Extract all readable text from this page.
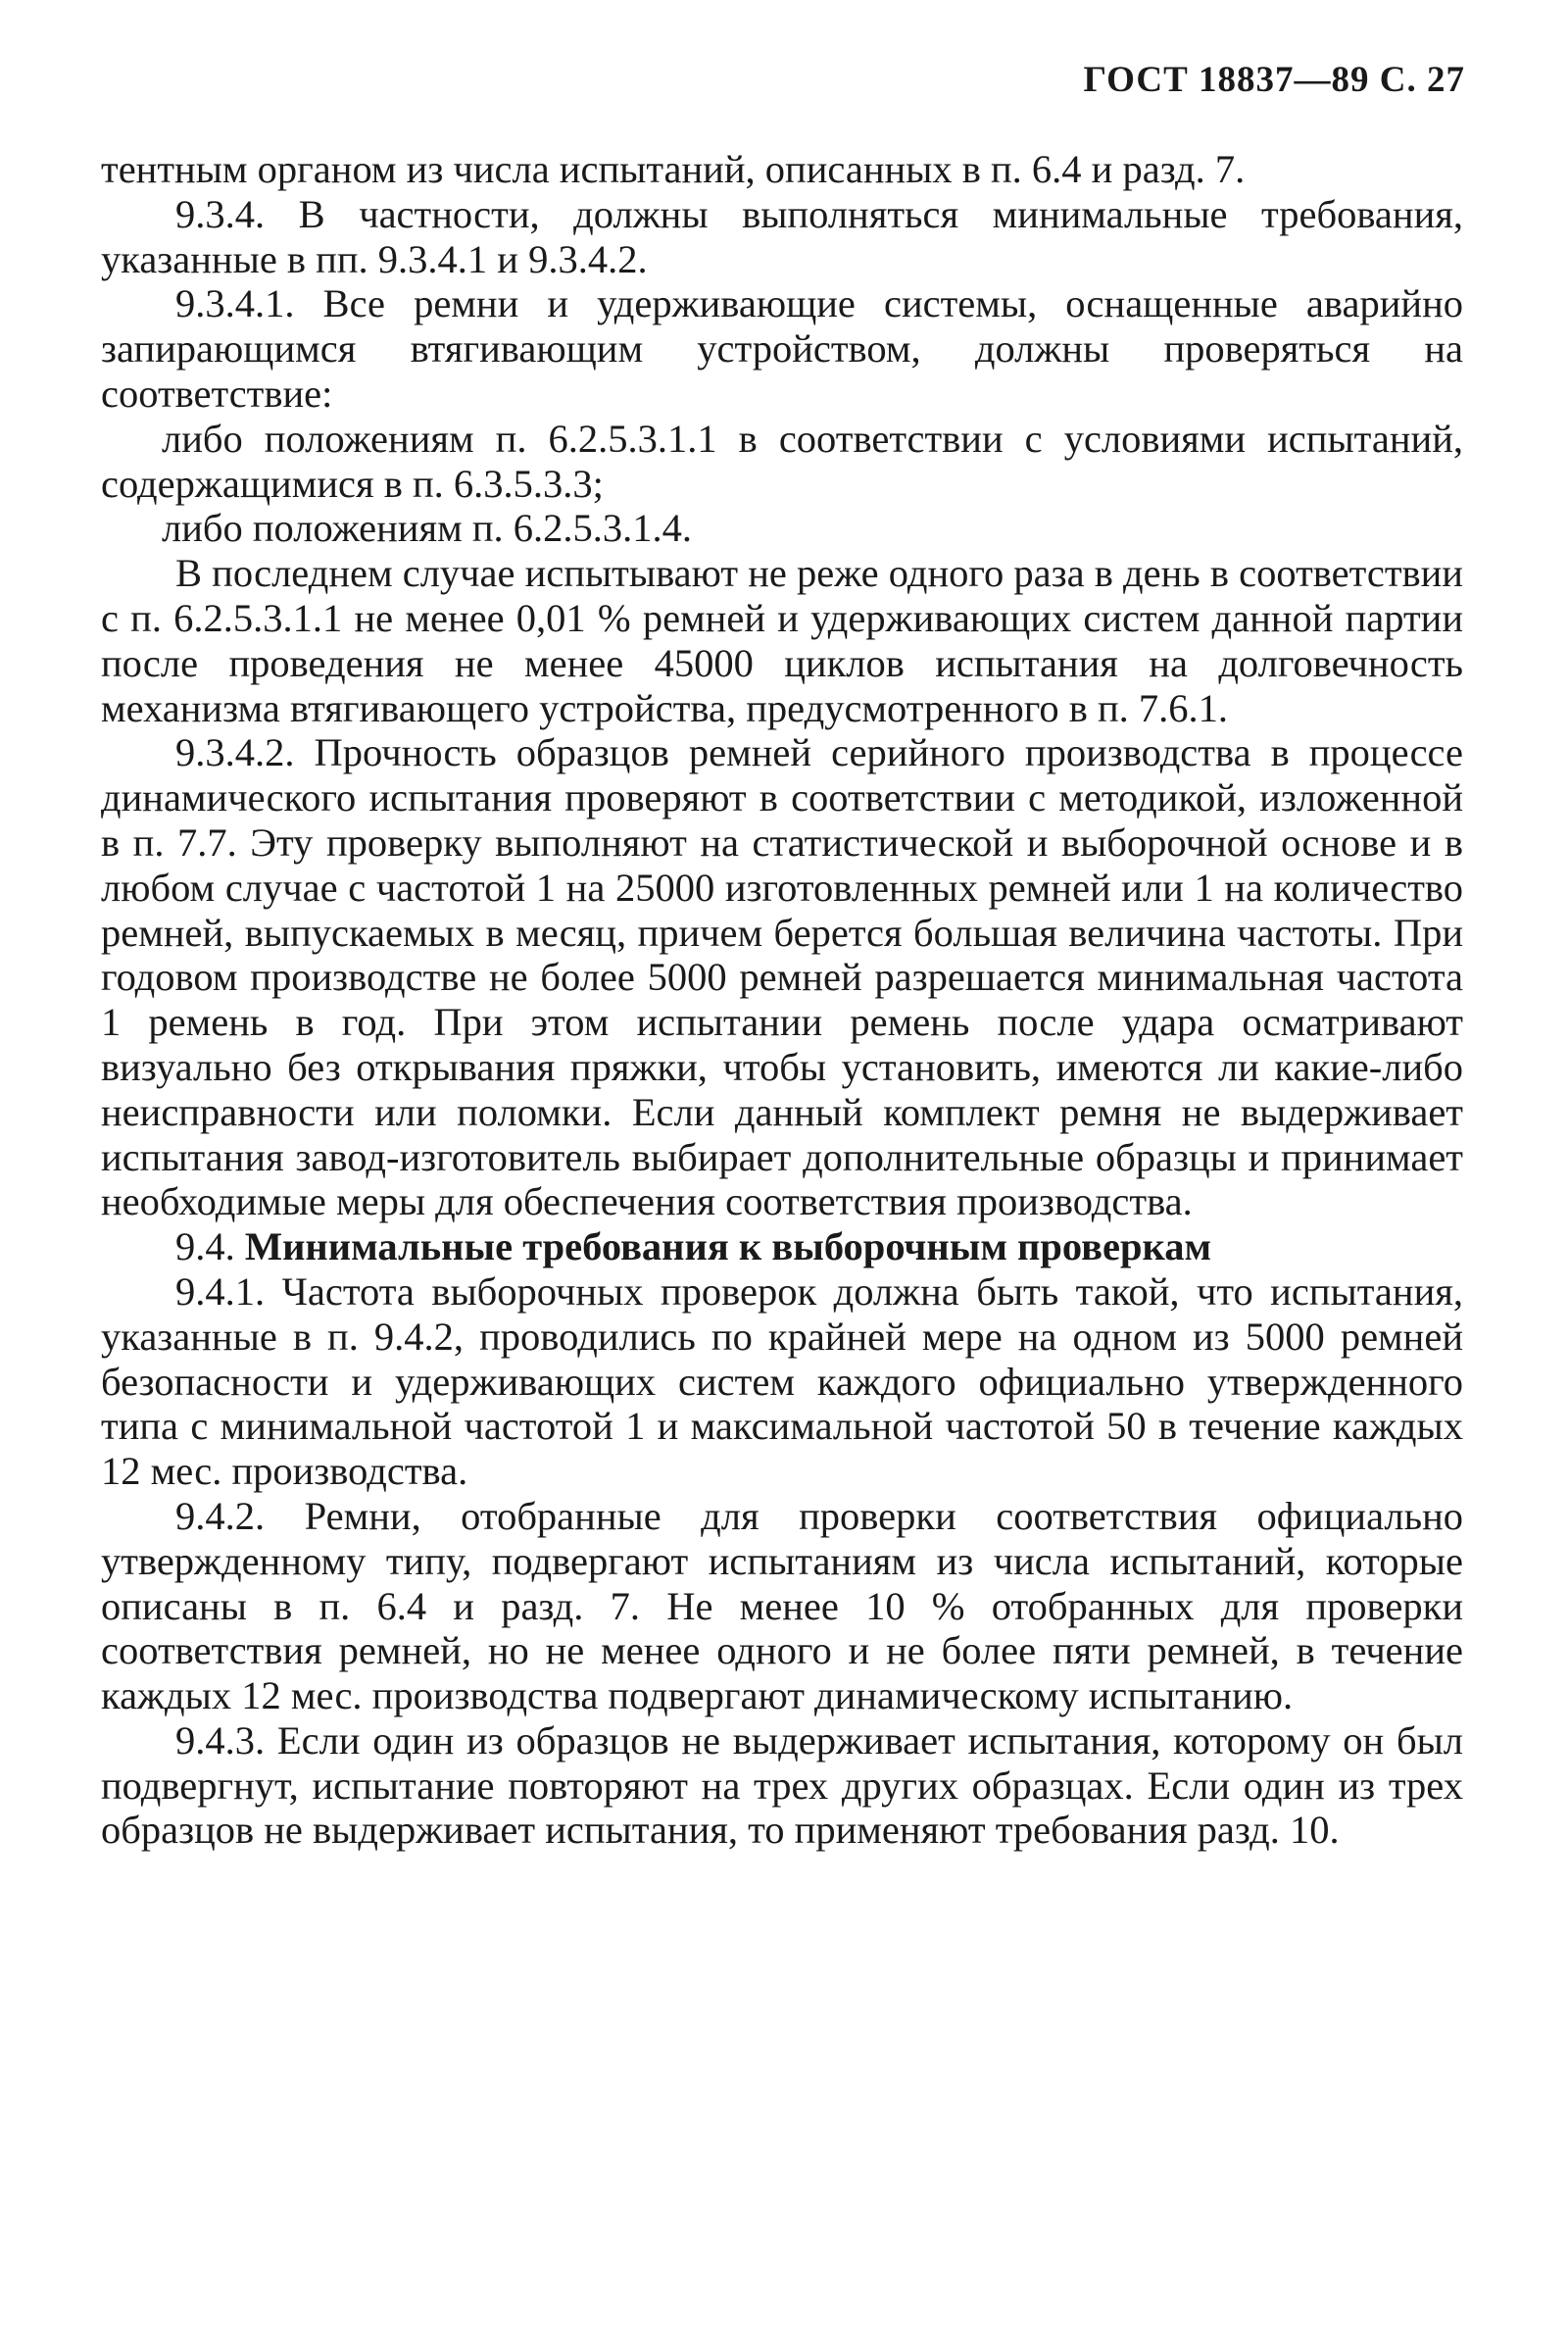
ГОСТ 18837—89 С. 27

тентным органом из числа испытаний, описанных в п. 6.4 и разд. 7.

9.3.4. В частности, должны выполняться минимальные требования, указанные в пп. 9.3.4.1 и 9.3.4.2.

9.3.4.1. Все ремни и удерживающие системы, оснащенные аварийно запирающимся втягивающим устройством, должны проверяться на соответствие:

либо положениям п. 6.2.5.3.1.1 в соответствии с условиями испытаний, содержащимися в п. 6.3.5.3.3;

либо положениям п. 6.2.5.3.1.4.

В последнем случае испытывают не реже одного раза в день в соответствии с п. 6.2.5.3.1.1 не менее 0,01 % ремней и удерживающих систем данной партии после проведения не менее 45000 циклов испытания на долговечность механизма втягивающего устройства, предусмотренного в п. 7.6.1.

9.3.4.2. Прочность образцов ремней серийного производства в процессе динамического испытания проверяют в соответствии с методикой, изложенной в п. 7.7. Эту проверку выполняют на статистической и выборочной основе и в любом случае с частотой 1 на 25000 изготовленных ремней или 1 на количество ремней, выпускаемых в месяц, причем берется большая величина частоты. При годовом производстве не более 5000 ремней разрешается минимальная частота 1 ремень в год. При этом испытании ремень после удара осматривают визуально без открывания пряжки, чтобы установить, имеются ли какие-либо неисправности или поломки. Если данный комплект ремня не выдерживает испытания завод-изготовитель выбирает дополнительные образцы и принимает необходимые меры для обеспечения соответствия производства.

9.4. Минимальные требования к выборочным проверкам

9.4.1. Частота выборочных проверок должна быть такой, что испытания, указанные в п. 9.4.2, проводились по крайней мере на одном из 5000 ремней безопасности и удерживающих систем каждого официально утвержденного типа с минимальной частотой 1 и максимальной частотой 50 в течение каждых 12 мес. производства.

9.4.2. Ремни, отобранные для проверки соответствия официально утвержденному типу, подвергают испытаниям из числа испытаний, которые описаны в п. 6.4 и разд. 7. Не менее 10 % отобранных для проверки соответствия ремней, но не менее одного и не более пяти ремней, в течение каждых 12 мес. производства подвергают динамическому испытанию.

9.4.3. Если один из образцов не выдерживает испытания, которому он был подвергнут, испытание повторяют на трех других образцах. Если один из трех образцов не выдерживает испытания, то применяют требования разд. 10.
